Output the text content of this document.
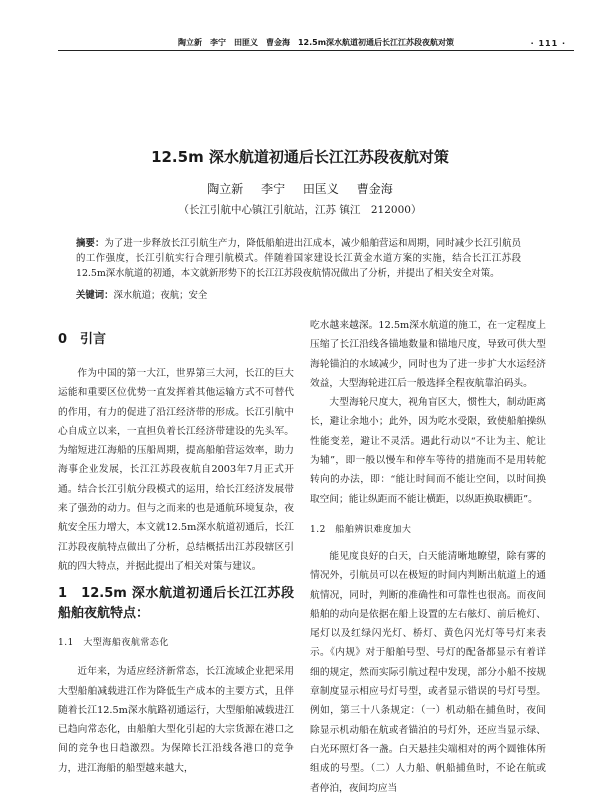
陶立新　李宁　田匪义　曹金海　12.5m深水航道初通后长江江苏段夜航对策	· 111 ·
12.5m 深水航道初通后长江江苏段夜航对策
陶立新 李宁 田匡义 曹金海
（长江引航中心镇江引航站，江苏 镇江　212000）
摘要：为了进一步释放长江引航生产力，降低船舶进出江成本，减少船舶营运和周期，同时减少长江引航员的工作强度，长江引航实行合理引航模式。伴随着国家建设长江黄金水道方案的实施，结合长江江苏段12.5m深水航道的初通，本文就新形势下的长江江苏段夜航情况做出了分析，并提出了相关安全对策。
关键词：深水航道；夜航；安全
0　引言

作为中国的第一大江，世界第三大河，长江的巨大运能和重要区位优势一直发挥着其他运输方式不可替代的作用，有力的促进了沿江经济带的形成。长江引航中心自成立以来，一直担负着长江经济带建设的先头军。为缩短进江海船的压船周期，提高船舶营运效率，助力海事企业发展，长江江苏段夜航自2003年7月正式开通。结合长江引航分段模式的运用，给长江经济发展带来了强劲的动力。但与之而来的也是通航环境复杂，夜航安全压力增大，本文就12.5m深水航道初通后，长江江苏段夜航特点做出了分析，总结概括出江苏段辖区引航的四大特点，并据此提出了相关对策与建议。

1　12.5m 深水航道初通后长江江苏段船舶夜航特点：
1.1　大型海船夜航常态化

近年来，为适应经济新常态，长江流域企业把采用大型船舶减载进江作为降低生产成本的主要方式，且伴随着长江12.5m深水航路初通运行，大型船舶减载进江已趋向常态化，由船舶大型化引起的大宗货源在港口之间的竞争也日趋激烈。为保障长江沿线各港口的竞争力，进江海船的船型越来越大，

吃水越来越深。12.5m深水航道的施工，在一定程度上压缩了长江沿线各锚地数量和锚地尺度，导致可供大型海轮锚泊的水域减少，同时也为了进一步扩大水运经济效益，大型海轮进江后一般选择全程夜航靠泊码头。

大型海轮尺度大，视角盲区大，惯性大，制动距离长，避让余地小；此外，因为吃水受限，致使船舶操纵性能变差，避让不灵活。遇此行动以“不让为主、舵让为辅”，即一般以慢车和停车等待的措施而不是用转舵转向的办法，即：“能让时间而不能让空间，以时间换取空间；能让纵距而不能让横距，以纵距换取横距”。

1.2　船舶辨识难度加大

能见度良好的白天，白天能清晰地瞭望，除有雾的情况外，引航员可以在极短的时间内判断出航道上的通航情况，同时，判断的准确性和可靠性也很高。而夜间船舶的动向是依据在船上设置的左右舷灯、前后桅灯、尾灯以及红绿闪光灯、桥灯、黄色闪光灯等号灯来表示。《内规》对于船舶号型、号灯的配备都显示有着详细的规定，然而实际引航过程中发现，部分小船不按规章制度显示相应号灯号型，或者显示错误的号灯号型。例如，第三十八条规定：（一）机动船在捕鱼时，夜间除显示机动船在航或者锚泊的号灯外，还应当显示绿、白光环照灯各一盏。白天悬挂尖端相对的两个圆锥体所组成的号型。（二）人力船、帆船捕鱼时，不论在航或者停泊，夜间均应当
